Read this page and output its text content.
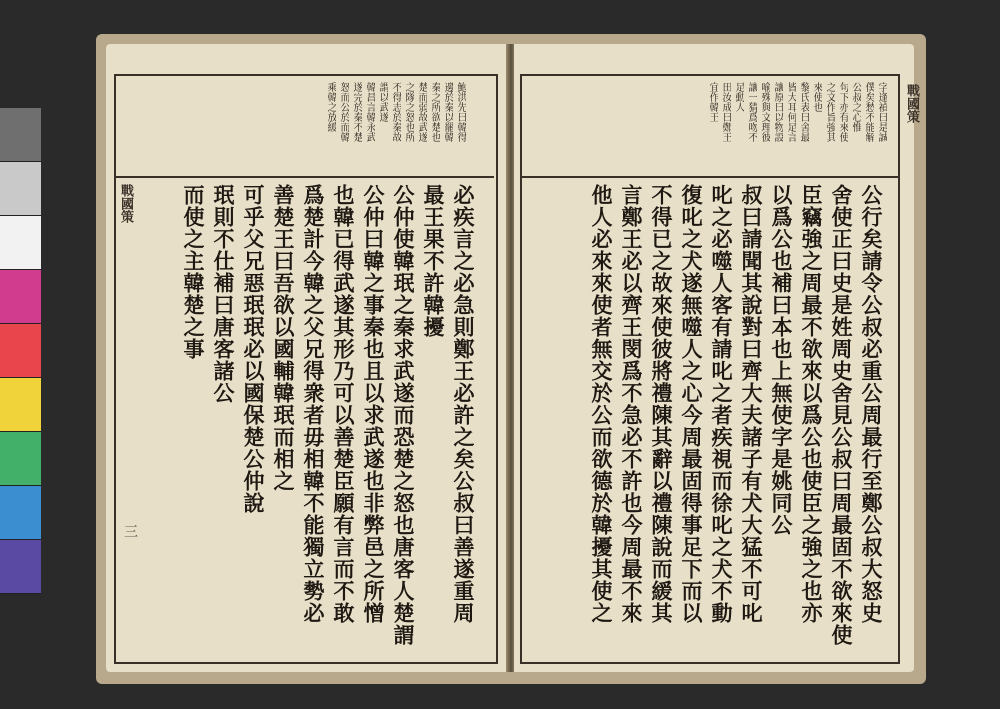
鮑洪先曰韓得
邊於秦以罷韓
秦之所欲楚也
楚而弱故武遂
之隊之怒也所
不得志於秦故
謂以武遂
韓昌言韓永武
遂完於秦不楚
怒而公於而韓
乘韓之放緩
必疾言之必急則鄭王必許之矣公叔曰善遂重周
最王果不許韓擾
公仲使韓珉之秦求武遂而恐楚之怒也唐客人楚謂
公仲曰韓之事秦也且以求武遂也非弊邑之所憎
也韓已得武遂其形乃可以善楚臣願有言而不敢
爲楚計今韓之父兄得衆者毋相韓不能獨立勢必
善楚王曰吾欲以國輔韓珉而相之
可乎父兄惡珉珉必以國保楚公仲說
珉則不仕補曰唐客諸公
而使之主韓楚之事
三
戰國策
字逢禎曰是誠
僕矣愁不能解
公叔之心惟
句下亦有來使
之文作旨強其
來使也
黎氏表曰舍最
皆大耳何足言
讓原曰以物設
喻殊與文理彼
讓一猜爲吻不
足動人
田汝成曰鄭王
宜作韓王
公行矣請令公叔必重公周最行至鄭公叔大怒史
舍使正曰史是姓周史舍見公叔曰周最固不欲來使
臣竊強之周最不欲來以爲公也使臣之強之也亦
以爲公也補曰本也上無使字是姚同公
叔曰請聞其說對曰齊大夫諸子有犬大猛不可叱
叱之必噬人客有請叱之者疾視而徐叱之犬不動
復叱之犬遂無噬人之心今周最固得事足下而以
不得已之故來使彼將禮陳其辭以禮陳說而緩其
言鄭王必以齊王閔爲不急必不許也今周最不來
他人必來來使者無交於公而欲德於韓擾其使之
戰國策
